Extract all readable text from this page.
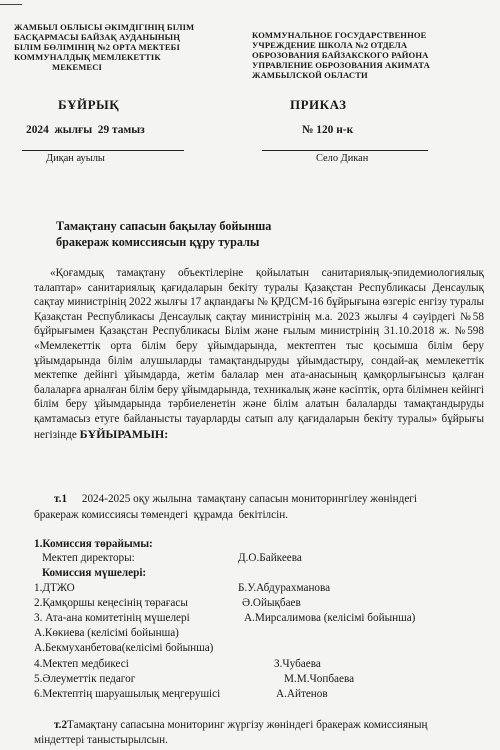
ЖАМБЫЛ ОБЛЫСЫ ӘКІМДІГІНІҢ БІЛІМ
БАСҚАРМАСЫ БАЙЗАҚ АУДАНЫНЫҢ
БІЛІМ БӨЛІМІНІҢ №2 ОРТА МЕКТЕБІ
КОММУНАЛДЫҚ МЕМЛЕКЕТТІК
МЕКЕМЕСІ
КОММУНАЛЬНОЕ ГОСУДАРСТВЕННОЕ
УЧРЕЖДЕНИЕ ШКОЛА №2 ОТДЕЛА
ОБРОЗОВАНИЯ БАЙЗАКСКОГО РАЙОНА
УПРАВЛЕНИЕ ОБРОЗОВАНИЯ АКИМАТА
ЖАМБЫЛСКОЙ ОБЛАСТИ
БҰЙРЫҚ	ПРИКАЗ
2024  жылғы  29 тамыз	№ 120 н-к
Диқан ауылы	Село Дикан
Тамақтану сапасын бақылау бойынша
бракераж комиссиясын құру туралы
«Қоғамдық тамақтану объектілеріне қойылатын санитариялық-эпидемиологиялық талаптар» санитариялық қағидаларын бекіту туралы Қазақстан Республикасы Денсаулық сақтау министрінің 2022 жылғы 17 ақпандағы № ҚРДСМ-16 бұйрығына өзгеріс енгізу туралы Қазақстан Республикасы Денсаулық сақтау министрінің м.а. 2023 жылғы 4 сәуірдегі №58 бұйрығымен Қазақстан Республикасы Білім және ғылым министрінің 31.10.2018 ж. №598 «Мемлекеттік орта білім беру ұйымдарында, мектептен тыс қосымша білім беру ұйымдарында білім алушыларды тамақтандыруды ұйымдастыру, сондай-ақ мемлекеттік мектепке дейінгі ұйымдарда, жетім балалар мен ата-анасының қамқорлығынсыз қалған балаларға арналған білім беру ұйымдарында, техникалық және кәсіптік, орта білімнен кейінгі білім беру ұйымдарында тәрбиеленетін және білім алатын балаларды тамақтандыруды қамтамасыз етуге байланысты тауарларды сатып алу қағидаларын бекіту туралы» бұйрығы негізінде БҰЙЫРАМЫН:
т.1 2024-2025 оқу жылына  тамақтану сапасын мониторингілеу жөніндегі
бракераж комиссиясы төмендегі  құрамда  бекітілсін.
1.Комиссия төрайымы:
Мектеп директоры:	Д.О.Байкеева
Комиссия мүшелері:
1.ДТЖО	Б.У.Абдурахманова
2.Қамқоршы кеңесінің төрағасы	Ә.Ойықбаев
3. Ата-ана комитетінің мүшелері	А.Мирсалимова (келісімі бойынша)
А.Көкиева (келісімі бойынша)
А.Бекмуханбетова(келісімі бойынша)
4.Мектеп медбикесі	З.Чубаева
5.Әлеуметтік педагог	М.М.Чопбаева
6.Мектептің шаруашылық меңгерушісі	А.Айтенов
т.2Тамақтану сапасына мониторинг жүргізу жөніндегі бракераж комиссияның
міндеттері таныстырылсын.
